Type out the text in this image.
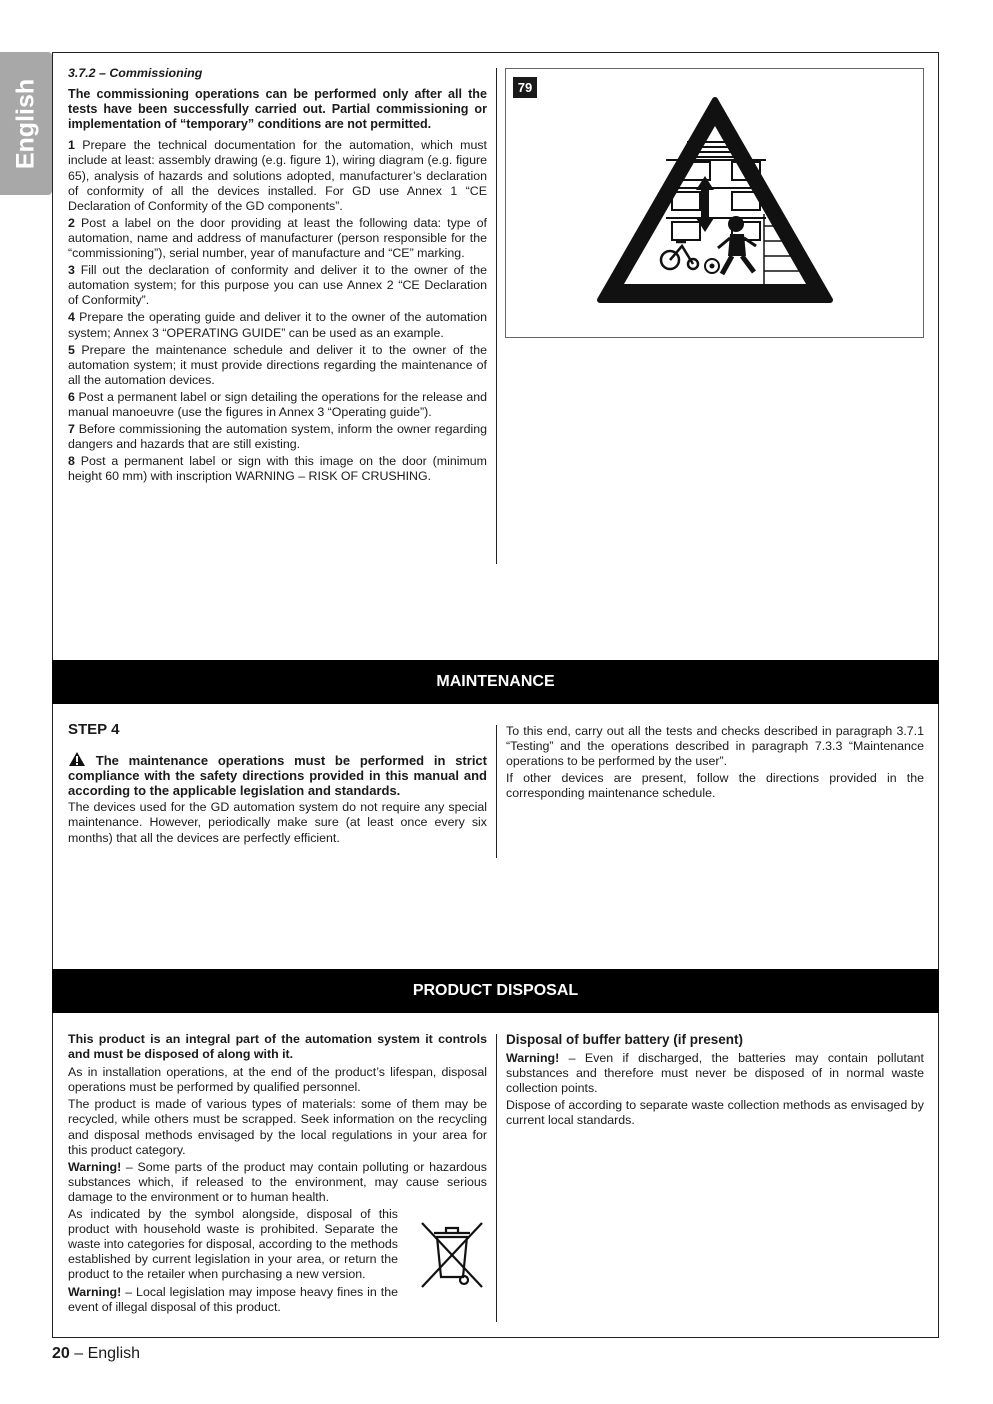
English

3.7.2 – Commissioning

The commissioning operations can be performed only after all the tests have been successfully carried out. Partial commissioning or implementation of “temporary” conditions are not permitted.

1 Prepare the technical documentation for the automation, which must include at least: assembly drawing (e.g. figure 1), wiring diagram (e.g. figure 65), analysis of hazards and solutions adopted, manufacturer’s declaration of conformity of all the devices installed. For GD use Annex 1 “CE Declaration of Conformity of the GD components”.

2 Post a label on the door providing at least the following data: type of automation, name and address of manufacturer (person responsible for the “commissioning”), serial number, year of manufacture and “CE” marking.

3 Fill out the declaration of conformity and deliver it to the owner of the automation system; for this purpose you can use Annex 2 “CE Declaration of Conformity”.

4 Prepare the operating guide and deliver it to the owner of the automation system; Annex 3 “OPERATING GUIDE” can be used as an example.

5 Prepare the maintenance schedule and deliver it to the owner of the automation system; it must provide directions regarding the maintenance of all the automation devices.

6 Post a permanent label or sign detailing the operations for the release and manual manoeuvre (use the figures in Annex 3 “Operating guide”).

7 Before commissioning the automation system, inform the owner regarding dangers and hazards that are still existing.

8 Post a permanent label or sign with this image on the door (minimum height 60 mm) with inscription WARNING – RISK OF CRUSHING.

79
MAINTENANCE

STEP 4

The maintenance operations must be performed in strict compliance with the safety directions provided in this manual and according to the applicable legislation and standards.

The devices used for the GD automation system do not require any special maintenance. However, periodically make sure (at least once every six months) that all the devices are perfectly efficient.

To this end, carry out all the tests and checks described in paragraph 3.7.1 “Testing” and the operations described in paragraph 7.3.3 “Maintenance operations to be performed by the user”.

If other devices are present, follow the directions provided in the corresponding maintenance schedule.

PRODUCT DISPOSAL

This product is an integral part of the automation system it controls and must be disposed of along with it.

As in installation operations, at the end of the product’s lifespan, disposal operations must be performed by qualified personnel.

The product is made of various types of materials: some of them may be recycled, while others must be scrapped. Seek information on the recycling and disposal methods envisaged by the local regulations in your area for this product category.

Warning! – Some parts of the product may contain polluting or hazardous substances which, if released to the environment, may cause serious damage to the environment or to human health.

As indicated by the symbol alongside, disposal of this product with household waste is prohibited. Separate the waste into categories for disposal, according to the methods established by current legislation in your area, or return the product to the retailer when purchasing a new version.

Warning! – Local legislation may impose heavy fines in the event of illegal disposal of this product.

Disposal of buffer battery (if present)

Warning! – Even if discharged, the batteries may contain pollutant substances and therefore must never be disposed of in normal waste collection points.

Dispose of according to separate waste collection methods as envisaged by current local standards.

20 – English
